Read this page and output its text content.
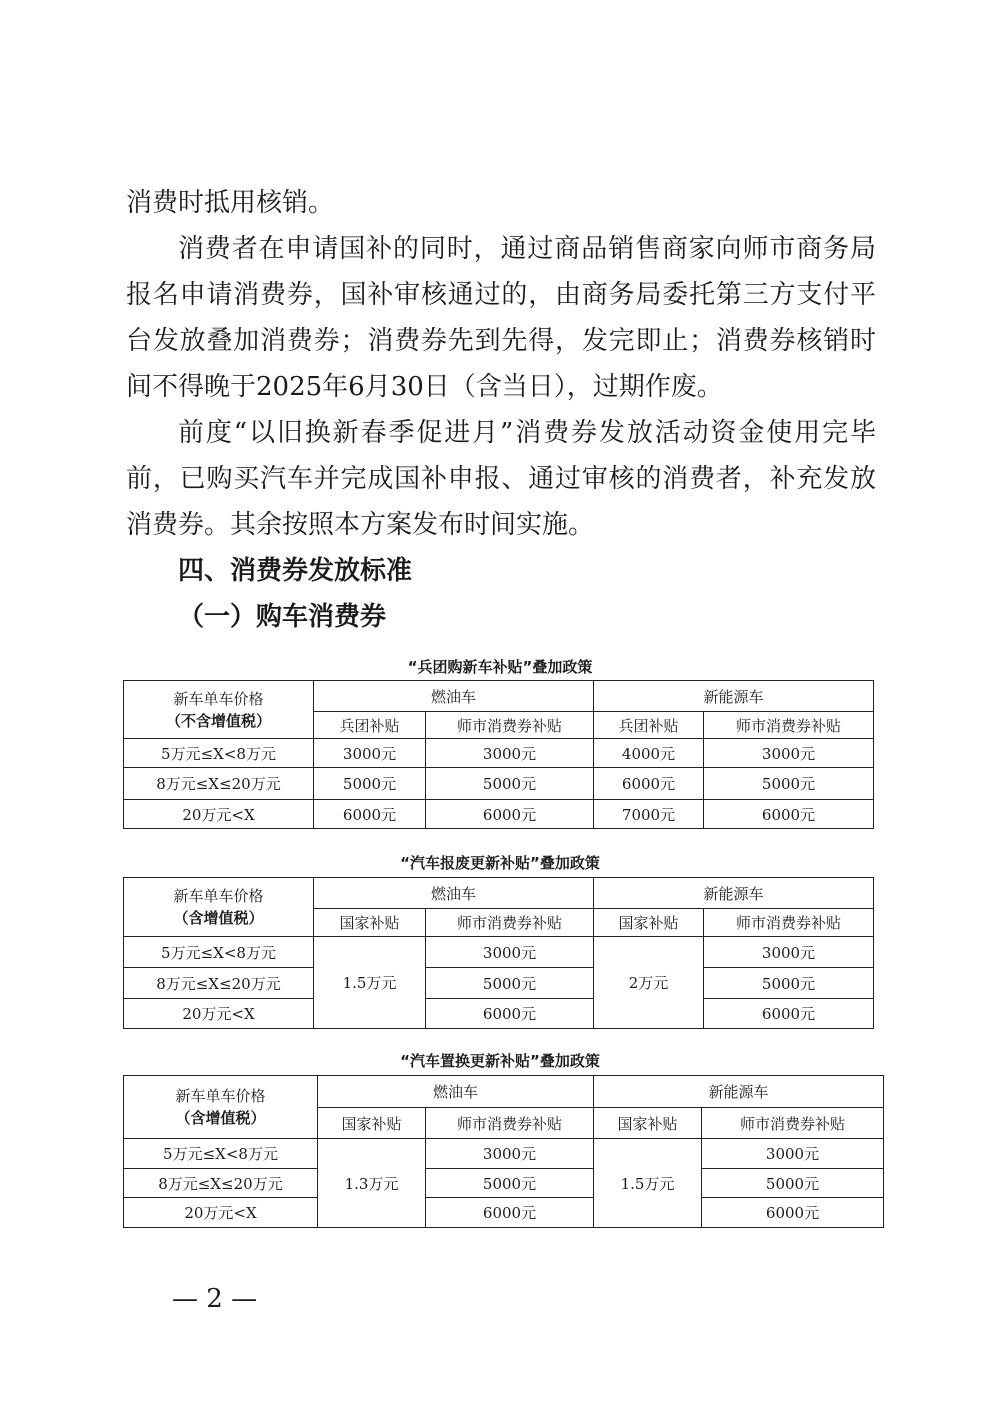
消费时抵用核销。

消费者在申请国补的同时，通过商品销售商家向师市商务局报名申请消费券，国补审核通过的，由商务局委托第三方支付平台发放叠加消费券；消费券先到先得，发完即止；消费券核销时间不得晚于2025年6月30日（含当日），过期作废。

前度“以旧换新春季促进月”消费券发放活动资金使用完毕前，已购买汽车并完成国补申报、通过审核的消费者，补充发放消费券。其余按照本方案发布时间实施。

四、消费券发放标准
（一）购车消费券
“兵团购新车补贴”叠加政策
新车单车价格
（不含增值税）	燃油车		新能源车	
	兵团补贴	师市消费券补贴	兵团补贴	师市消费券补贴
5万元≤X<8万元	3000元	3000元	4000元	3000元
8万元≤X≤20万元	5000元	5000元	6000元	5000元
20万元<X	6000元	6000元	7000元	6000元
“汽车报废更新补贴”叠加政策
新车单车价格
（含增值税）	燃油车		新能源车	
	国家补贴	师市消费券补贴	国家补贴	师市消费券补贴
5万元≤X<8万元	1.5万元	3000元	2万元	3000元
8万元≤X≤20万元		5000元		5000元
20万元<X		6000元		6000元
“汽车置换更新补贴”叠加政策
新车单车价格
（含增值税）	燃油车		新能源车	
	国家补贴	师市消费券补贴	国家补贴	师市消费券补贴
5万元≤X<8万元	1.3万元	3000元	1.5万元	3000元
8万元≤X≤20万元		5000元		5000元
20万元<X		6000元		6000元
— 2 —
